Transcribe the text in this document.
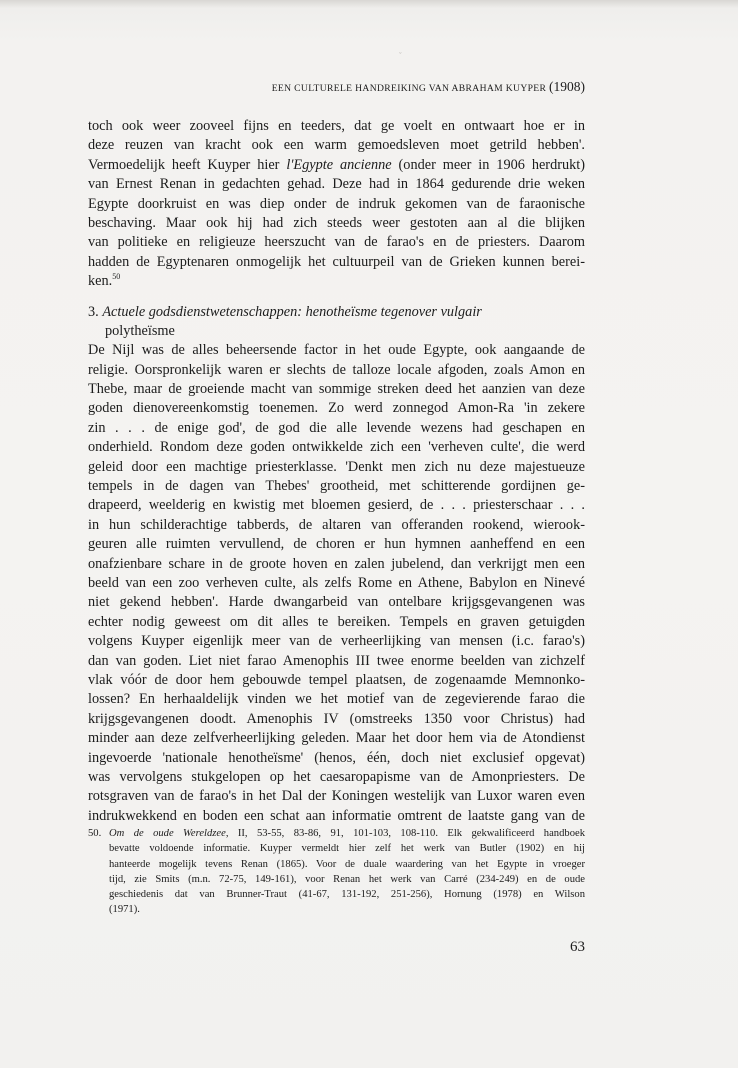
ˇ
EEN CULTURELE HANDREIKING VAN ABRAHAM KUYPER (1908)
toch ook weer zooveel fijns en teeders, dat ge voelt en ontwaart hoe er in
deze reuzen van kracht ook een warm gemoedsleven moet getrild hebben'.
Vermoedelijk heeft Kuyper hier l'Egypte ancienne (onder meer in 1906 herdrukt)
van Ernest Renan in gedachten gehad. Deze had in 1864 gedurende drie weken
Egypte doorkruist en was diep onder de indruk gekomen van de faraonische
beschaving. Maar ook hij had zich steeds weer gestoten aan al die blijken
van politieke en religieuze heerszucht van de farao's en de priesters. Daarom
hadden de Egyptenaren onmogelijk het cultuurpeil van de Grieken kunnen berei-
ken.$^{50}$
3. Actuele godsdienstwetenschappen: henotheïsme tegenover vulgair
polytheïsme
De Nijl was de alles beheersende factor in het oude Egypte, ook aangaande de
religie. Oorspronkelijk waren er slechts de talloze locale afgoden, zoals Amon en
Thebe, maar de groeiende macht van sommige streken deed het aanzien van deze
goden dienovereenkomstig toenemen. Zo werd zonnegod Amon-Ra 'in zekere
zin . . . de enige god', de god die alle levende wezens had geschapen en
onderhield. Rondom deze goden ontwikkelde zich een 'verheven culte', die werd
geleid door een machtige priesterklasse. 'Denkt men zich nu deze majestueuze
tempels in de dagen van Thebes' grootheid, met schitterende gordijnen ge-
drapeerd, weelderig en kwistig met bloemen gesierd, de . . . priesterschaar . . .
in hun schilderachtige tabberds, de altaren van offeranden rookend, wierook-
geuren alle ruimten vervullend, de choren er hun hymnen aanheffend en een
onafzienbare schare in de groote hoven en zalen jubelend, dan verkrijgt men een
beeld van een zoo verheven culte, als zelfs Rome en Athene, Babylon en Ninevé
niet gekend hebben'. Harde dwangarbeid van ontelbare krijgsgevangenen was
echter nodig geweest om dit alles te bereiken. Tempels en graven getuigden
volgens Kuyper eigenlijk meer van de verheerlijking van mensen (i.c. farao's)
dan van goden. Liet niet farao Amenophis III twee enorme beelden van zichzelf
vlak vóór de door hem gebouwde tempel plaatsen, de zogenaamde Memnonko-
lossen? En herhaaldelijk vinden we het motief van de zegevierende farao die
krijgsgevangenen doodt. Amenophis IV (omstreeks 1350 voor Christus) had
minder aan deze zelfverheerlijking geleden. Maar het door hem via de Atondienst
ingevoerde 'nationale henotheïsme' (henos, één, doch niet exclusief opgevat)
was vervolgens stukgelopen op het caesaropapisme van de Amonpriesters. De
rotsgraven van de farao's in het Dal der Koningen westelijk van Luxor waren even
indrukwekkend en boden een schat aan informatie omtrent de laatste gang van de
50. Om de oude Wereldzee, II, 53-55, 83-86, 91, 101-103, 108-110. Elk gekwalificeerd handboek
bevatte voldoende informatie. Kuyper vermeldt hier zelf het werk van Butler (1902) en hij
hanteerde mogelijk tevens Renan (1865). Voor de duale waardering van het Egypte in vroeger
tijd, zie Smits (m.n. 72-75, 149-161), voor Renan het werk van Carré (234-249) en de oude
geschiedenis dat van Brunner-Traut (41-67, 131-192, 251-256), Hornung (1978) en Wilson
(1971).
63
